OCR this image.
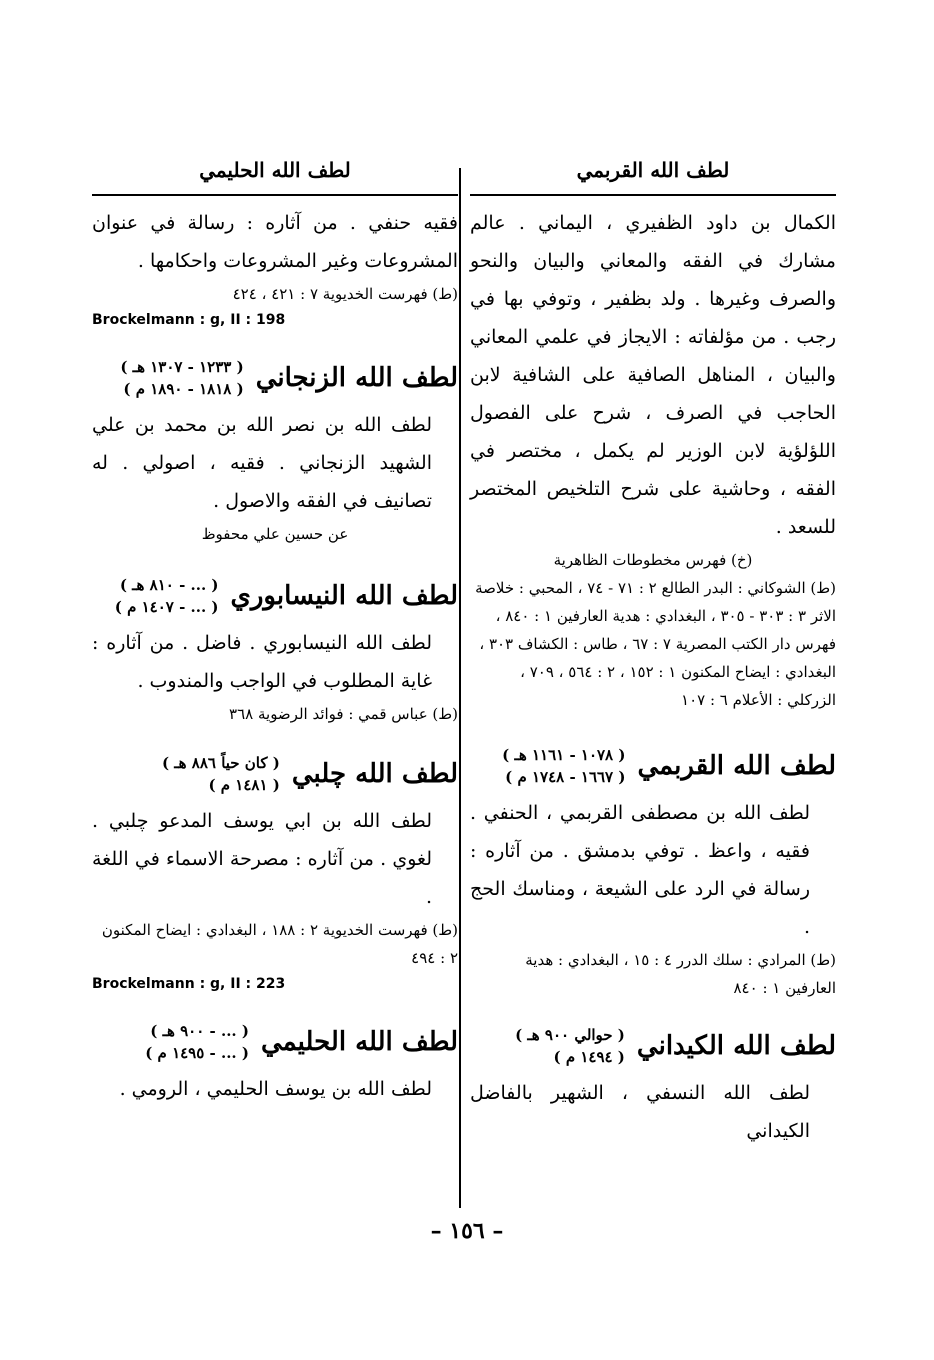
لطف الله القربمي

الكمال بن داود الظفيري ، اليماني . عالم مشارك في الفقه والمعاني والبيان والنحو والصرف وغيرها . ولد بظفير ، وتوفي بها في رجب . من مؤلفاته : الايجاز في علمي المعاني والبيان ، المناهل الصافية على الشافية لابن الحاجب في الصرف ، شرح على الفصول اللؤلؤية لابن الوزير لم يكمل ، مختصر في الفقه ، وحاشية على شرح التلخيص المختصر للسعد .

(خ) فهرس مخطوطات الظاهرية

(ط) الشوكاني : البدر الطالع ٢ : ٧١ - ٧٤ ، المحبي : خلاصة الاثر ٣ : ٣٠٣ - ٣٠٥ ، البغدادي : هدية العارفين ١ : ٨٤٠ ، فهرس دار الكتب المصرية ٧ : ٦٧ ، طاس : الكشاف ٣٠٣ ، البغدادي : ايضاح المكنون ١ : ١٥٢ ، ٢ : ٥٦٤ ، ٧٠٩ ، الزركلي : الأعلام ٦ : ١٠٧

لطف الله القربمي
( ١٠٧٨ - ١١٦١ هـ )
( ١٦٦٧ - ١٧٤٨ م )

لطف الله بن مصطفى القربمي ، الحنفي . فقيه ، واعظ . توفي بدمشق . من آثاره : رسالة في الرد على الشيعة ، ومناسك الحج .

(ط) المرادي : سلك الدرر ٤ : ١٥ ، البغدادي : هدية العارفين ١ : ٨٤٠

لطف الله الكيداني
( حوالي ٩٠٠ هـ )
( ١٤٩٤ م )

لطف الله النسفي ، الشهير بالفاضل الكيداني

لطف الله الحليمي

فقيه حنفي . من آثاره : رسالة في عنوان المشروعات وغير المشروعات واحكامها .

(ط) فهرست الخديوية ٧ : ٤٢١ ، ٤٢٤

Brockelmann : g, II : 198
لطف الله الزنجاني
( ١٢٣٣ - ١٣٠٧ هـ )
( ١٨١٨ - ١٨٩٠ م )

لطف الله بن نصر الله بن محمد بن علي الشهيد الزنجاني . فقيه ، اصولي . له تصانيف في الفقه والاصول .

عن حسين علي محفوظ

لطف الله النيسابوري
( ... - ٨١٠ هـ )
( ... - ١٤٠٧ م )

لطف الله النيسابوري . فاضل . من آثاره : غاية المطلوب في الواجب والمندوب .

(ط) عباس قمي : فوائد الرضوية ٣٦٨

لطف الله چلبي
( كان حياً ٨٨٦ هـ )
( ١٤٨١ م )

لطف الله بن ابي يوسف المدعو چلبي . لغوي . من آثاره : مصرحة الاسماء في اللغة .

(ط) فهرست الخديوية ٢ : ١٨٨ ، البغدادي : ايضاح المكنون ٢ : ٤٩٤

Brockelmann : g, II : 223
لطف الله الحليمي
( ... - ٩٠٠ هـ )
( ... - ١٤٩٥ م )

لطف الله بن يوسف الحليمي ، الرومي .

– ١٥٦ –
